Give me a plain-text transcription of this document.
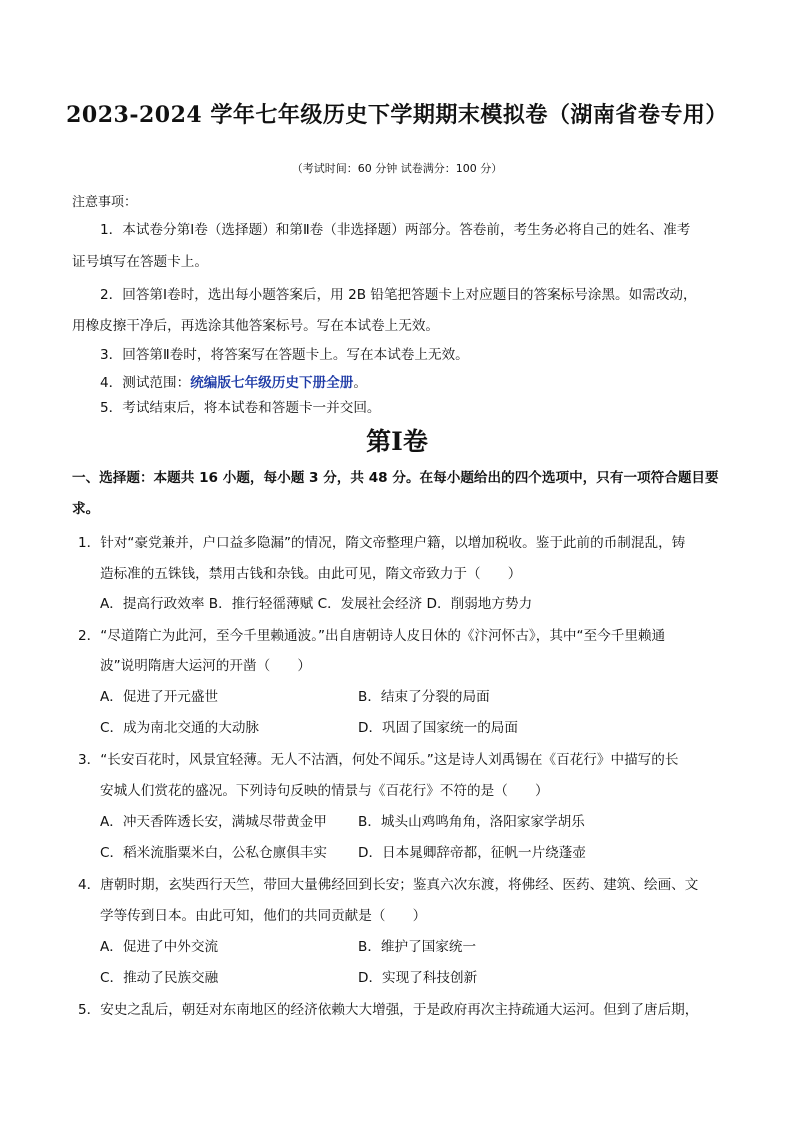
2023-2024 学年七年级历史下学期期末模拟卷（湖南省卷专用）
（考试时间：60 分钟 试卷满分：100 分）
注意事项：
1．本试卷分第Ⅰ卷（选择题）和第Ⅱ卷（非选择题）两部分。答卷前，考生务必将自己的姓名、准考
证号填写在答题卡上。
2．回答第Ⅰ卷时，选出每小题答案后，用 2B 铅笔把答题卡上对应题目的答案标号涂黑。如需改动，
用橡皮擦干净后，再选涂其他答案标号。写在本试卷上无效。
3．回答第Ⅱ卷时，将答案写在答题卡上。写在本试卷上无效。
4．测试范围：统编版七年级历史下册全册。
5．考试结束后，将本试卷和答题卡一并交回。
第Ⅰ卷
一、选择题：本题共 16 小题，每小题 3 分，共 48 分。在每小题给出的四个选项中，只有一项符合题目要
求。
1．针对“豪党兼并，户口益多隐漏”的情况，隋文帝整理户籍，以增加税收。鉴于此前的币制混乱，铸
造标准的五铢钱，禁用古钱和杂钱。由此可见，隋文帝致力于（　　）
A．提高行政效率 B．推行轻徭薄赋 C．发展社会经济 D．削弱地方势力
2．“尽道隋亡为此河，至今千里赖通波。”出自唐朝诗人皮日休的《汴河怀古》，其中“至今千里赖通
波”说明隋唐大运河的开凿（　　）
A．促进了开元盛世	B．结束了分裂的局面
C．成为南北交通的大动脉	D．巩固了国家统一的局面
3．“长安百花时，风景宜轻薄。无人不沽酒，何处不闻乐。”这是诗人刘禹锡在《百花行》中描写的长
安城人们赏花的盛况。下列诗句反映的情景与《百花行》不符的是（　　）
A．冲天香阵透长安，满城尽带黄金甲 B．城头山鸡鸣角角，洛阳家家学胡乐
C．稻米流脂粟米白，公私仓廪俱丰实 D．日本晁卿辞帝都，征帆一片绕蓬壶
4．唐朝时期，玄奘西行天竺，带回大量佛经回到长安；鉴真六次东渡，将佛经、医药、建筑、绘画、文
学等传到日本。由此可知，他们的共同贡献是（　　）
A．促进了中外交流	B．维护了国家统一
C．推动了民族交融	D．实现了科技创新
5．安史之乱后，朝廷对东南地区的经济依赖大大增强，于是政府再次主持疏通大运河。但到了唐后期，
